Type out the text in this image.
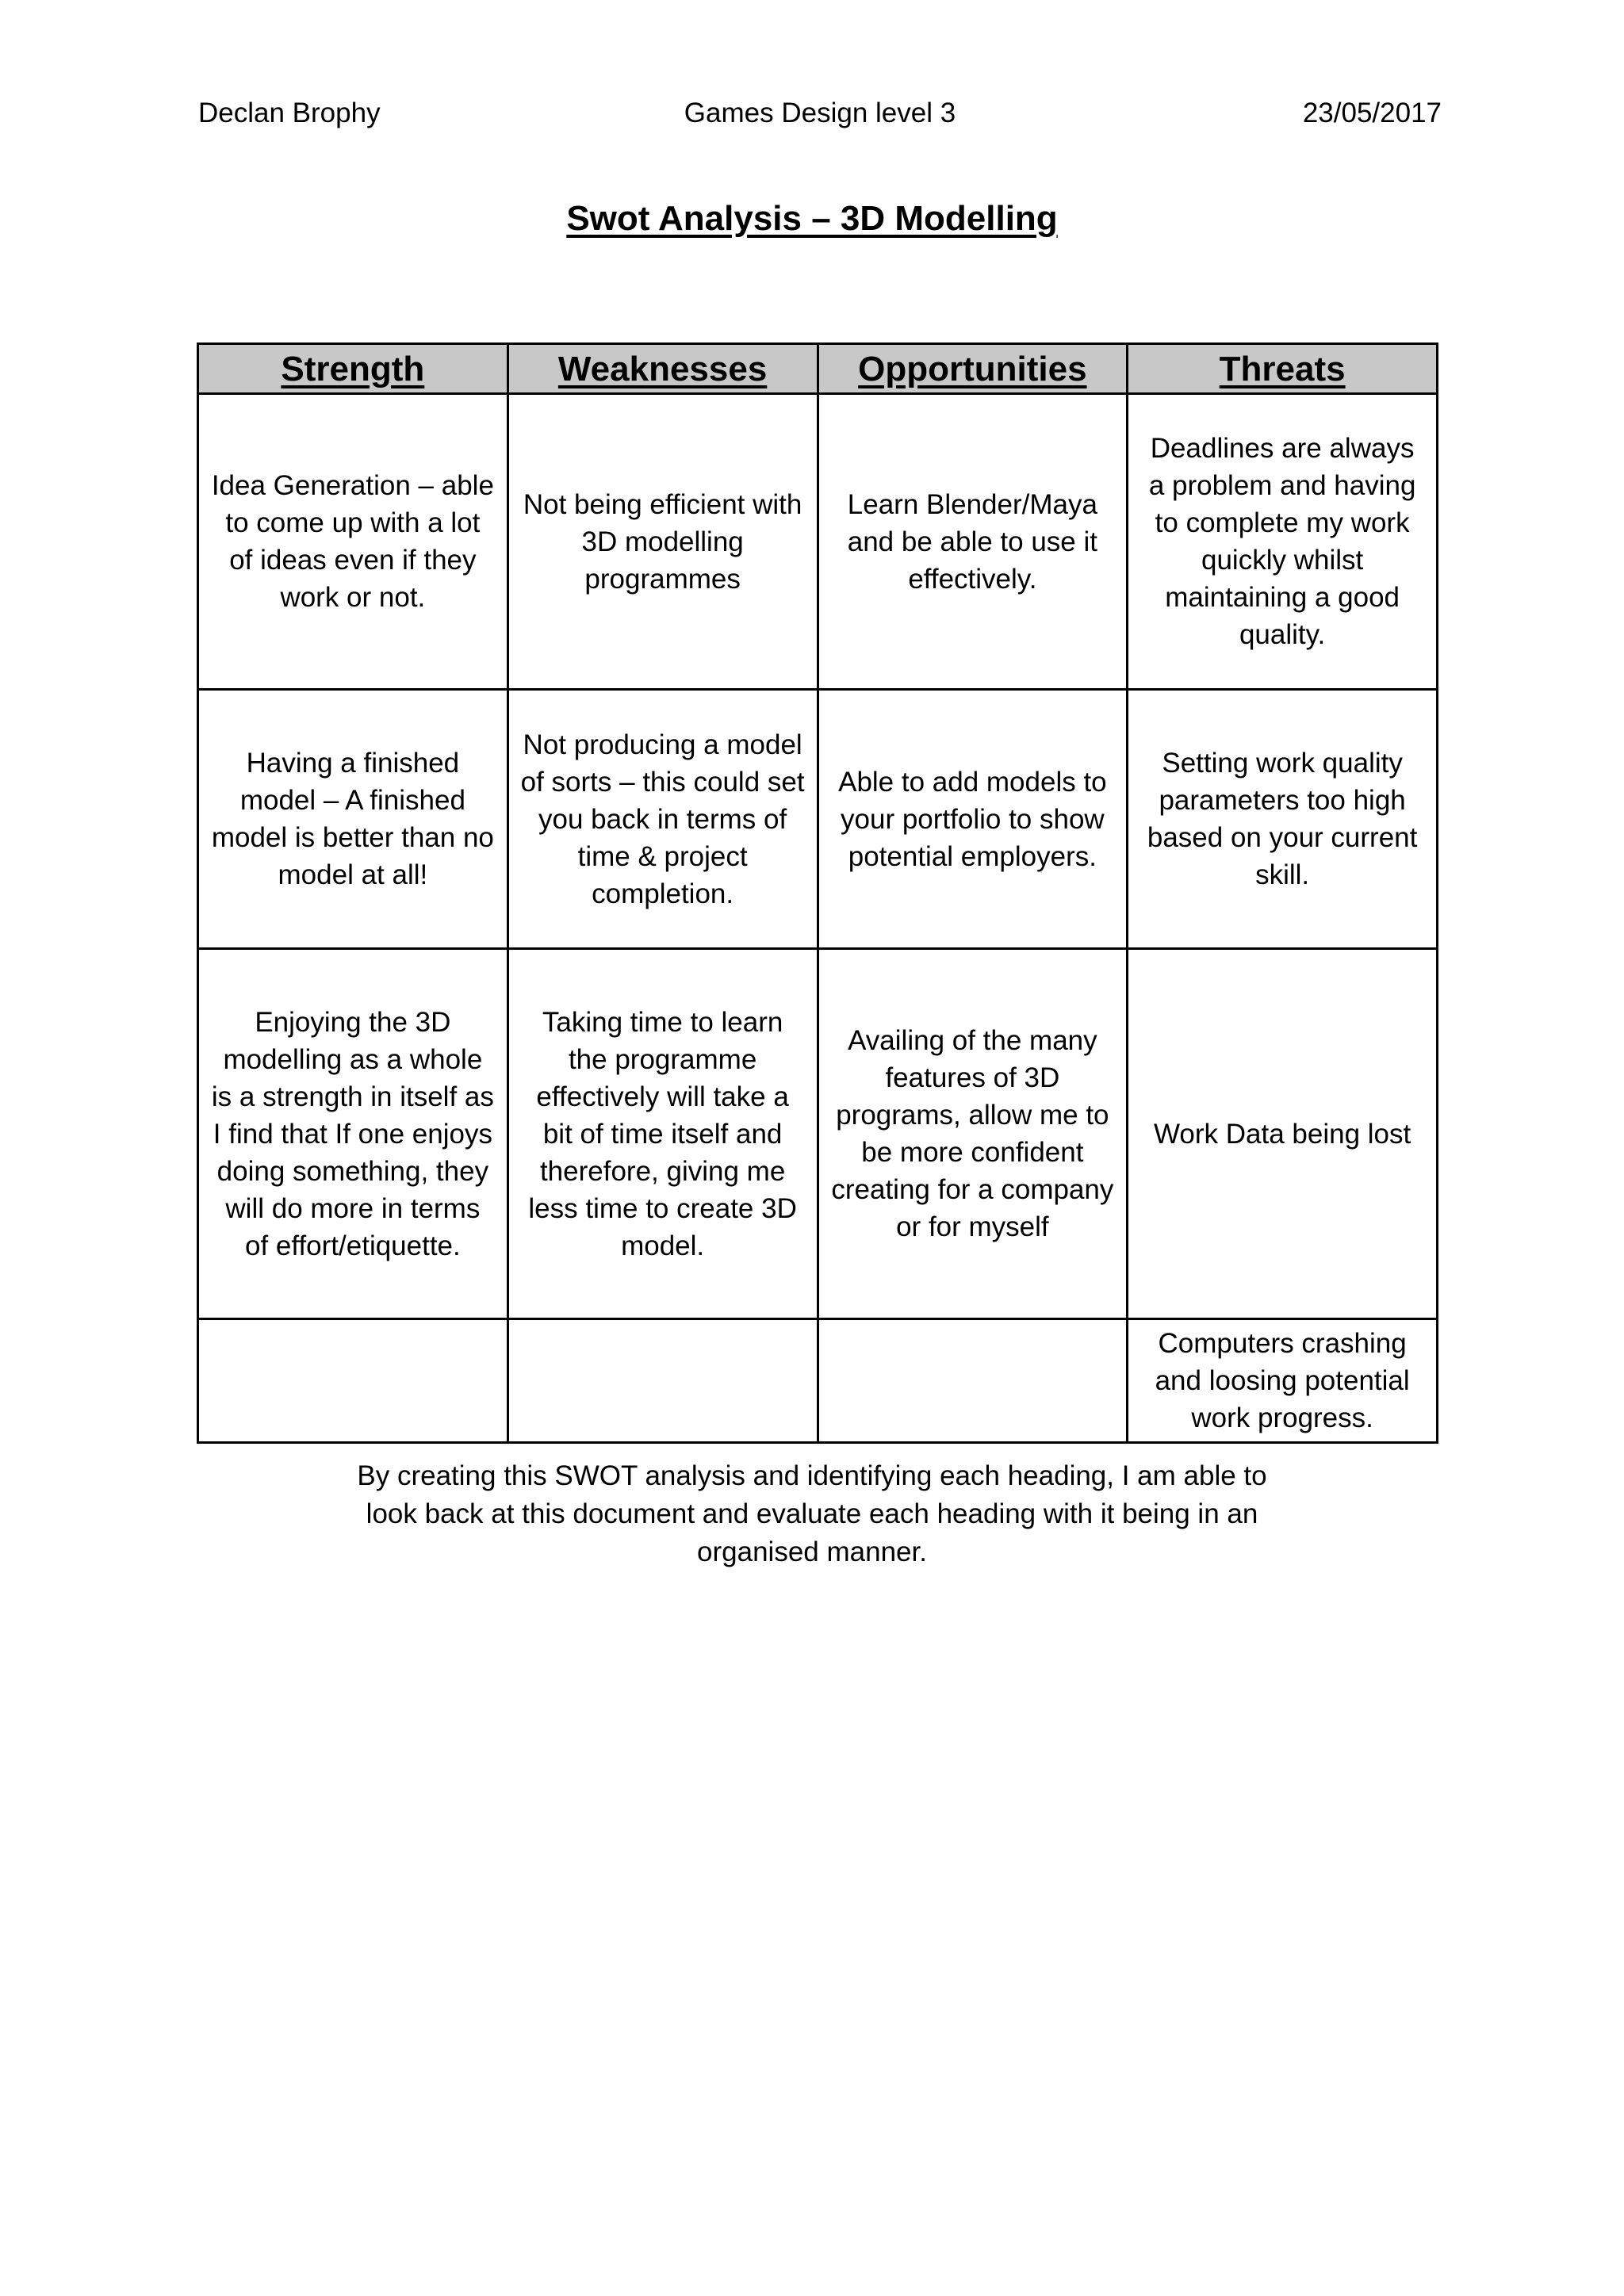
Declan Brophy	Games Design level 3	23/05/2017
Swot Analysis – 3D Modelling
Strength	Weaknesses	Opportunities	Threats
Idea Generation – able to come up with a lot of ideas even if they work or not.	Not being efficient with 3D modelling programmes	Learn Blender/Maya and be able to use it effectively.	Deadlines are always a problem and having to complete my work quickly whilst maintaining a good quality.
Having a finished model – A finished model is better than no model at all!	Not producing a model of sorts – this could set you back in terms of time & project completion.	Able to add models to your portfolio to show potential employers.	Setting work quality parameters too high based on your current skill.
Enjoying the 3D modelling as a whole is a strength in itself as I find that If one enjoys doing something, they will do more in terms of effort/etiquette.	Taking time to learn the programme effectively will take a bit of time itself and therefore, giving me less time to create 3D model.	Availing of the many features of 3D programs, allow me to be more confident creating for a company or for myself	Work Data being lost
			Computers crashing and loosing potential work progress.
By creating this SWOT analysis and identifying each heading, I am able to look back at this document and evaluate each heading with it being in an organised manner.
